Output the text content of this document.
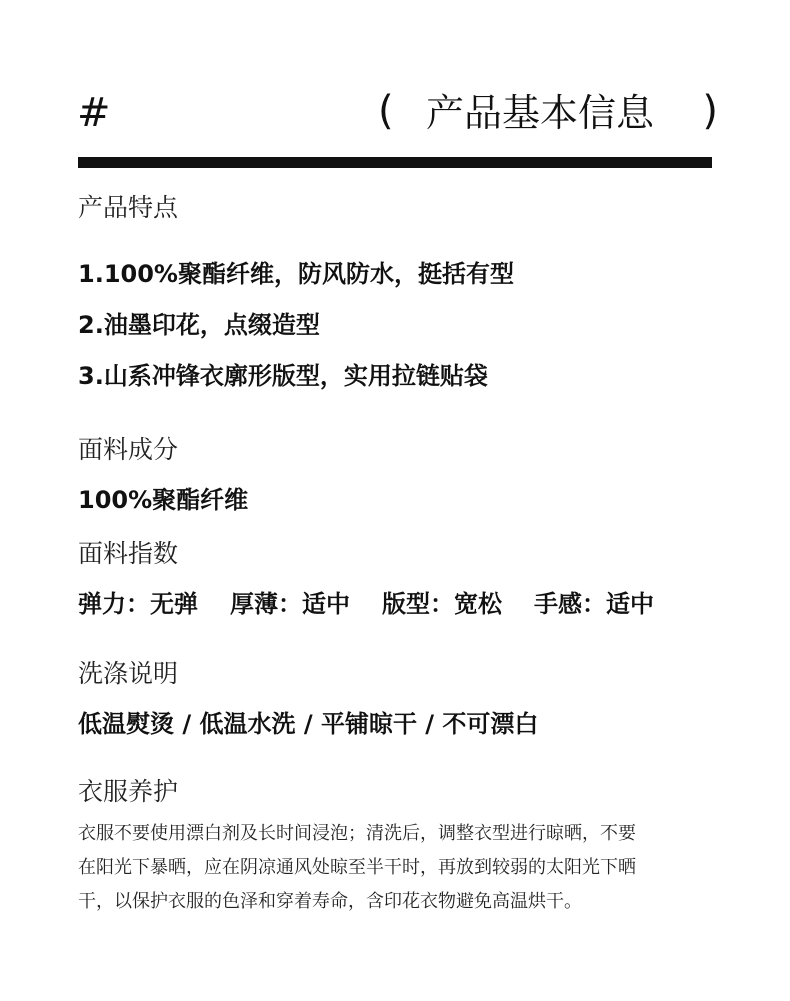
#	( 产品基本信息 )
产品特点
1.100%聚酯纤维，防风防水，挺括有型
2.油墨印花，点缀造型
3.山系冲锋衣廓形版型，实用拉链贴袋
面料成分
100%聚酯纤维
面料指数
弹力：无弹 厚薄：适中 版型：宽松 手感：适中
洗涤说明
低温熨烫 / 低温水洗 / 平铺晾干 / 不可漂白
衣服养护
衣服不要使用漂白剂及长时间浸泡；清洗后，调整衣型进行晾晒，不要
在阳光下暴晒，应在阴凉通风处晾至半干时，再放到较弱的太阳光下晒
干，以保护衣服的色泽和穿着寿命，含印花衣物避免高温烘干。
